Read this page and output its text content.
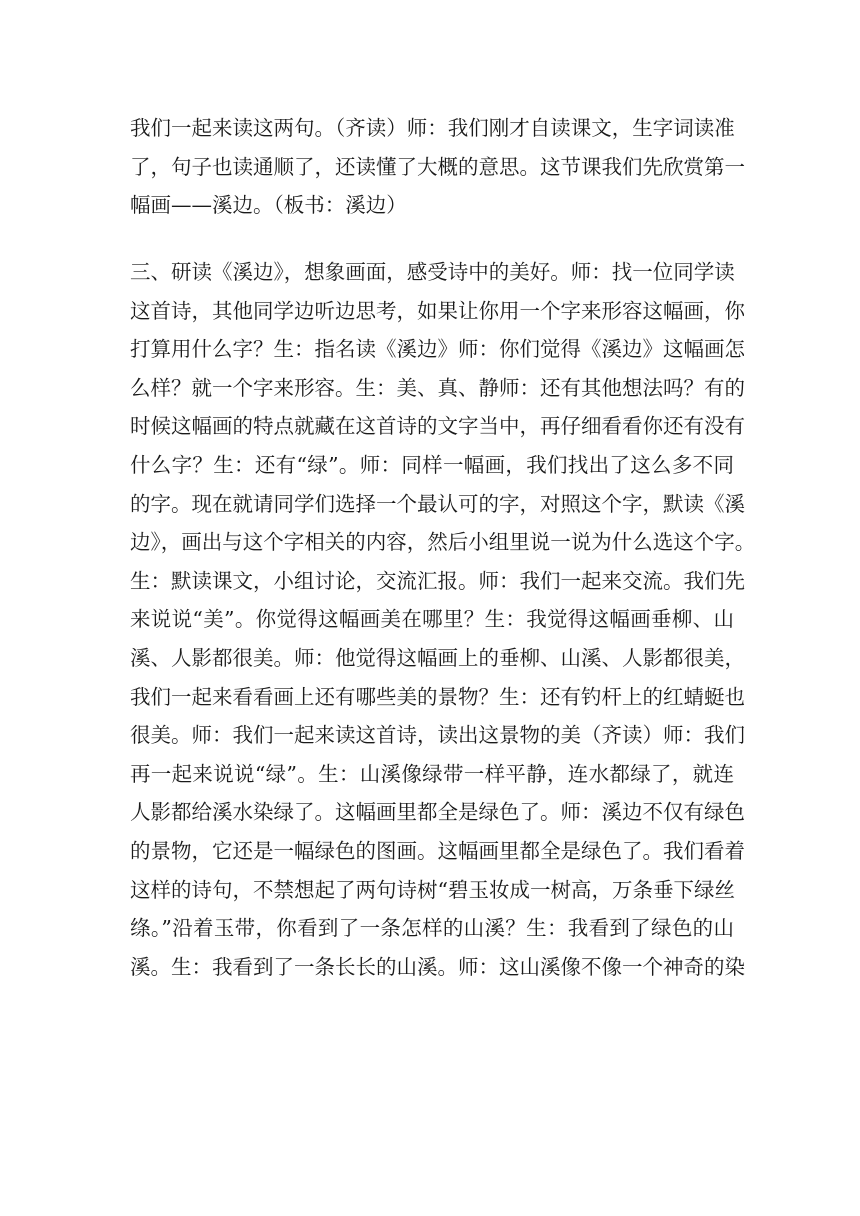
我们一起来读这两句。（齐读）师：我们刚才自读课文，生字词读准
了，句子也读通顺了，还读懂了大概的意思。这节课我们先欣赏第一
幅画——溪边。（板书：溪边）
三、研读《溪边》，想象画面，感受诗中的美好。师：找一位同学读
这首诗，其他同学边听边思考，如果让你用一个字来形容这幅画，你
打算用什么字？生：指名读《溪边》师：你们觉得《溪边》这幅画怎
么样？就一个字来形容。生：美、真、静师：还有其他想法吗？有的
时候这幅画的特点就藏在这首诗的文字当中，再仔细看看你还有没有
什么字？生：还有“绿”。师：同样一幅画，我们找出了这么多不同
的字。现在就请同学们选择一个最认可的字，对照这个字，默读《溪
边》，画出与这个字相关的内容，然后小组里说一说为什么选这个字。
生：默读课文，小组讨论，交流汇报。师：我们一起来交流。我们先
来说说“美”。你觉得这幅画美在哪里？生：我觉得这幅画垂柳、山
溪、人影都很美。师：他觉得这幅画上的垂柳、山溪、人影都很美，
我们一起来看看画上还有哪些美的景物？生：还有钓杆上的红蜻蜓也
很美。师：我们一起来读这首诗，读出这景物的美（齐读）师：我们
再一起来说说“绿”。生：山溪像绿带一样平静，连水都绿了，就连
人影都给溪水染绿了。这幅画里都全是绿色了。师：溪边不仅有绿色
的景物，它还是一幅绿色的图画。这幅画里都全是绿色了。我们看着
这样的诗句，不禁想起了两句诗树“碧玉妆成一树高，万条垂下绿丝
绦。”沿着玉带，你看到了一条怎样的山溪？生：我看到了绿色的山
溪。生：我看到了一条长长的山溪。师：这山溪像不像一个神奇的染
